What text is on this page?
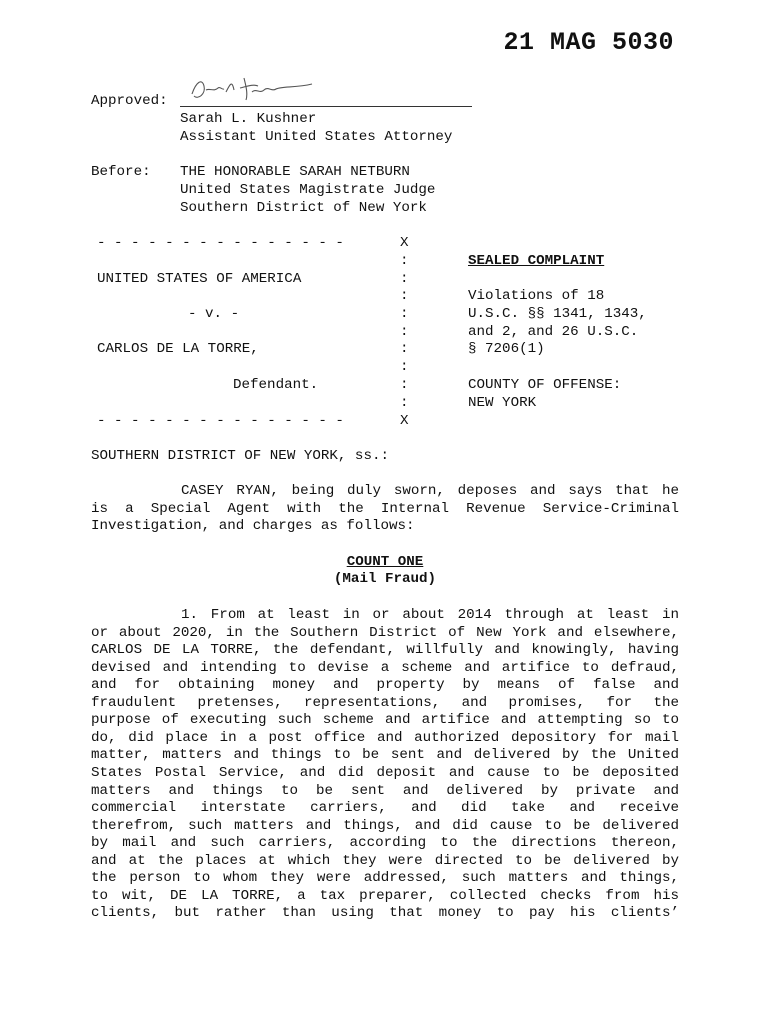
21 MAG 5030
Approved:
Sarah L. Kushner
Assistant United States Attorney
Before: THE HONORABLE SARAH NETBURN
United States Magistrate Judge
Southern District of New York
- - - - - - - - - - - - - - -	X
:
:
:
:
:
:
:
:
:
UNITED STATES OF AMERICA
- v. -
CARLOS DE LA TORRE,
Defendant.
SEALED COMPLAINT
Violations of 18
U.S.C. §§ 1341, 1343,
and 2, and 26 U.S.C.
§ 7206(1)
COUNTY OF OFFENSE:
NEW YORK
- - - - - - - - - - - - - - -	X
SOUTHERN DISTRICT OF NEW YORK, ss.:
CASEY RYAN, being duly sworn, deposes and says that he
is a Special Agent with the Internal Revenue Service-Criminal
Investigation, and charges as follows:
COUNT ONE
(Mail Fraud)
1. From at least in or about 2014 through at least in
or about 2020, in the Southern District of New York and elsewhere,
CARLOS DE LA TORRE, the defendant, willfully and knowingly, having
devised and intending to devise a scheme and artifice to defraud,
and for obtaining money and property by means of false and
fraudulent pretenses, representations, and promises, for the
purpose of executing such scheme and artifice and attempting so to
do, did place in a post office and authorized depository for mail
matter, matters and things to be sent and delivered by the United
States Postal Service, and did deposit and cause to be deposited
matters and things to be sent and delivered by private and
commercial interstate carriers, and did take and receive
therefrom, such matters and things, and did cause to be delivered
by mail and such carriers, according to the directions thereon,
and at the places at which they were directed to be delivered by
the person to whom they were addressed, such matters and things,
to wit, DE LA TORRE, a tax preparer, collected checks from his
clients, but rather than using that money to pay his clients’
